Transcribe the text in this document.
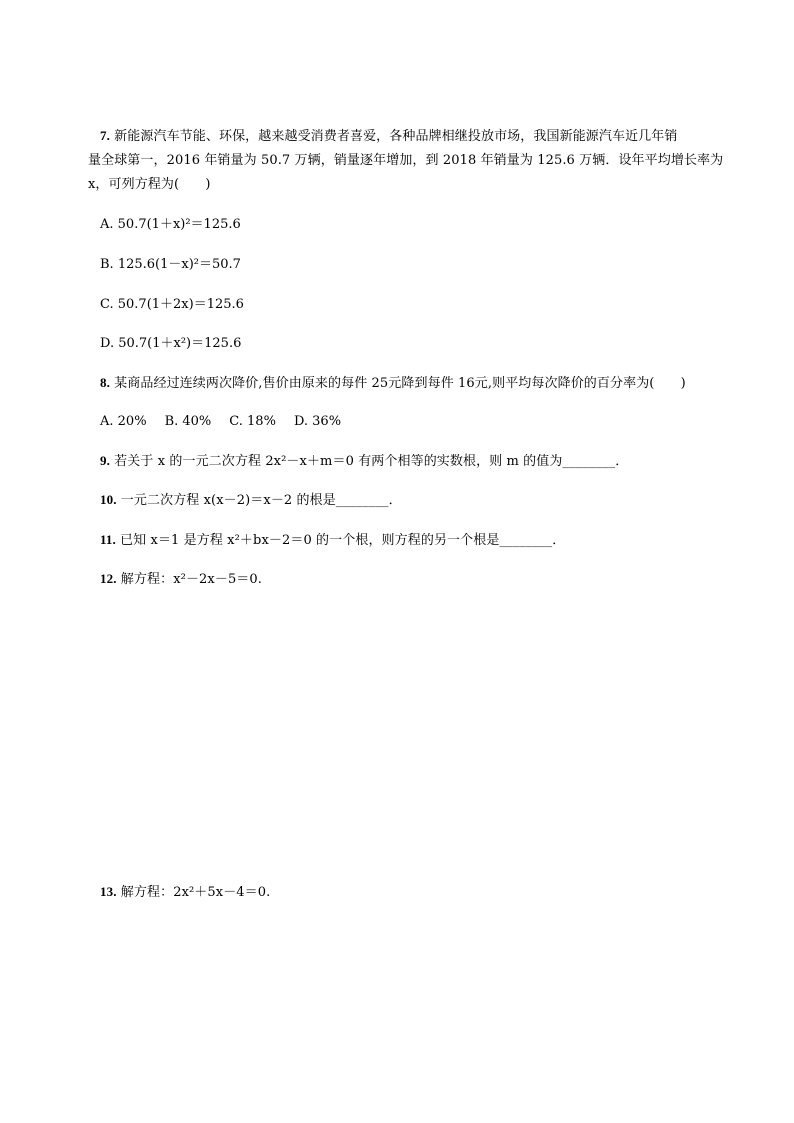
7. 新能源汽车节能、环保，越来越受消费者喜爱，各种品牌相继投放市场，我国新能源汽车近几年销
量全球第一，2016 年销量为 50.7 万辆，销量逐年增加，到 2018 年销量为 125.6 万辆．设年平均增长率为
x，可列方程为(　　)
A. 50.7(1＋x)²＝125.6
B. 125.6(1－x)²＝50.7
C. 50.7(1＋2x)＝125.6
D. 50.7(1＋x²)＝125.6
8. 某商品经过连续两次降价,售价由原来的每件 25元降到每件 16元,则平均每次降价的百分率为(　　)
A. 20% B. 40% C. 18% D. 36%
9. 若关于 x 的一元二次方程 2x²－x＋m＝0 有两个相等的实数根，则 m 的值为________．
10. 一元二次方程 x(x－2)＝x－2 的根是________．
11. 已知 x＝1 是方程 x²＋bx－2＝0 的一个根，则方程的另一个根是________．
12. 解方程：x²－2x－5＝0.
13. 解方程：2x²＋5x－4＝0.
